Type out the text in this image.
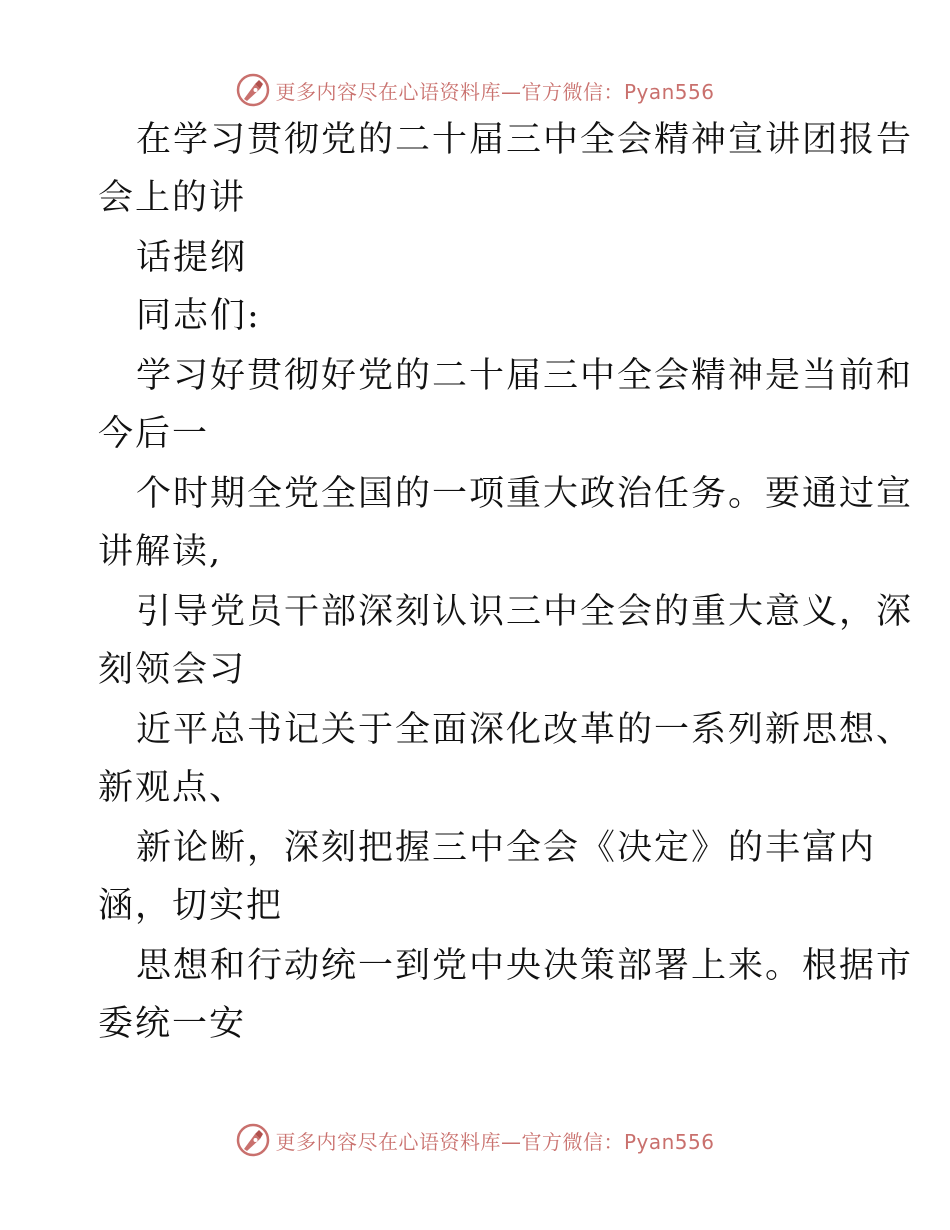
更多内容尽在心语资料库—官方微信：Pyan556
在学习贯彻党的二十届三中全会精神宣讲团报告
会上的讲
话提纲
同志们:
学习好贯彻好党的二十届三中全会精神是当前和
今后一
个时期全党全国的一项重大政治任务。要通过宣
讲解读,
引导党员干部深刻认识三中全会的重大意义，深
刻领会习
近平总书记关于全面深化改革的一系列新思想、
新观点、
新论断，深刻把握三中全会《决定》的丰富内
涵，切实把
思想和行动统一到党中央决策部署上来。根据市
委统一安
更多内容尽在心语资料库—官方微信：Pyan556
